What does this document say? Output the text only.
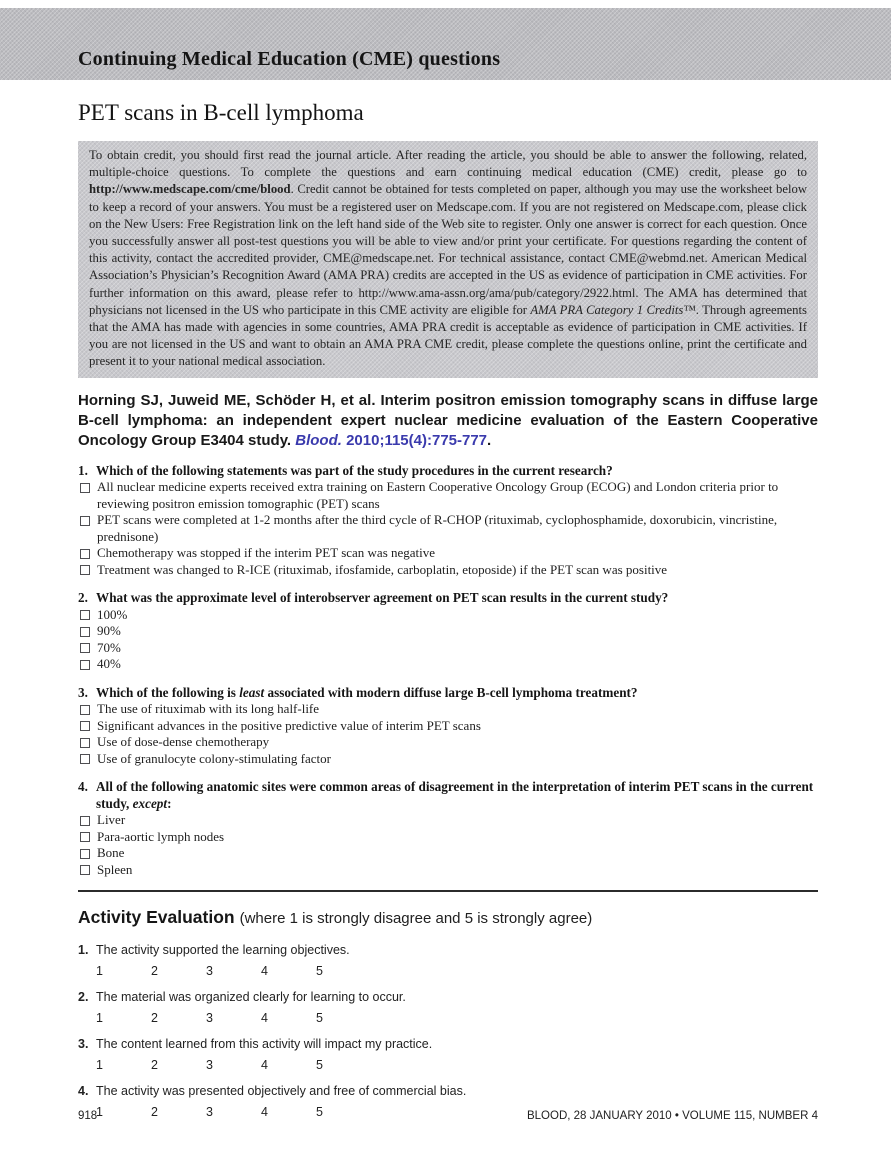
Continuing Medical Education (CME) questions
PET scans in B-cell lymphoma
To obtain credit, you should first read the journal article. After reading the article, you should be able to answer the following, related, multiple-choice questions. To complete the questions and earn continuing medical education (CME) credit, please go to http://www.medscape.com/cme/blood. Credit cannot be obtained for tests completed on paper, although you may use the worksheet below to keep a record of your answers. You must be a registered user on Medscape.com. If you are not registered on Medscape.com, please click on the New Users: Free Registration link on the left hand side of the Web site to register. Only one answer is correct for each question. Once you successfully answer all post-test questions you will be able to view and/or print your certificate. For questions regarding the content of this activity, contact the accredited provider, CME@medscape.net. For technical assistance, contact CME@webmd.net. American Medical Association’s Physician’s Recognition Award (AMA PRA) credits are accepted in the US as evidence of participation in CME activities. For further information on this award, please refer to http://www.ama-assn.org/ama/pub/category/2922.html. The AMA has determined that physicians not licensed in the US who participate in this CME activity are eligible for AMA PRA Category 1 Credits™. Through agreements that the AMA has made with agencies in some countries, AMA PRA credit is acceptable as evidence of participation in CME activities. If you are not licensed in the US and want to obtain an AMA PRA CME credit, please complete the questions online, print the certificate and present it to your national medical association.
Horning SJ, Juweid ME, Schöder H, et al. Interim positron emission tomography scans in diffuse large B-cell lymphoma: an independent expert nuclear medicine evaluation of the Eastern Cooperative Oncology Group E3404 study. Blood. 2010;115(4):775-777.
1. Which of the following statements was part of the study procedures in the current research?
All nuclear medicine experts received extra training on Eastern Cooperative Oncology Group (ECOG) and London criteria prior to reviewing positron emission tomographic (PET) scans
PET scans were completed at 1-2 months after the third cycle of R-CHOP (rituximab, cyclophosphamide, doxorubicin, vincristine, prednisone)
Chemotherapy was stopped if the interim PET scan was negative
Treatment was changed to R-ICE (rituximab, ifosfamide, carboplatin, etoposide) if the PET scan was positive
2. What was the approximate level of interobserver agreement on PET scan results in the current study?
100%
90%
70%
40%
3. Which of the following is least associated with modern diffuse large B-cell lymphoma treatment?
The use of rituximab with its long half-life
Significant advances in the positive predictive value of interim PET scans
Use of dose-dense chemotherapy
Use of granulocyte colony-stimulating factor
4. All of the following anatomic sites were common areas of disagreement in the interpretation of interim PET scans in the current study, except:
Liver
Para-aortic lymph nodes
Bone
Spleen
Activity Evaluation (where 1 is strongly disagree and 5 is strongly agree)
1. The activity supported the learning objectives.
1	2	3	4	5
2. The material was organized clearly for learning to occur.
1	2	3	4	5
3. The content learned from this activity will impact my practice.
1	2	3	4	5
4. The activity was presented objectively and free of commercial bias.
1	2	3	4	5
918	BLOOD, 28 JANUARY 2010 • VOLUME 115, NUMBER 4
